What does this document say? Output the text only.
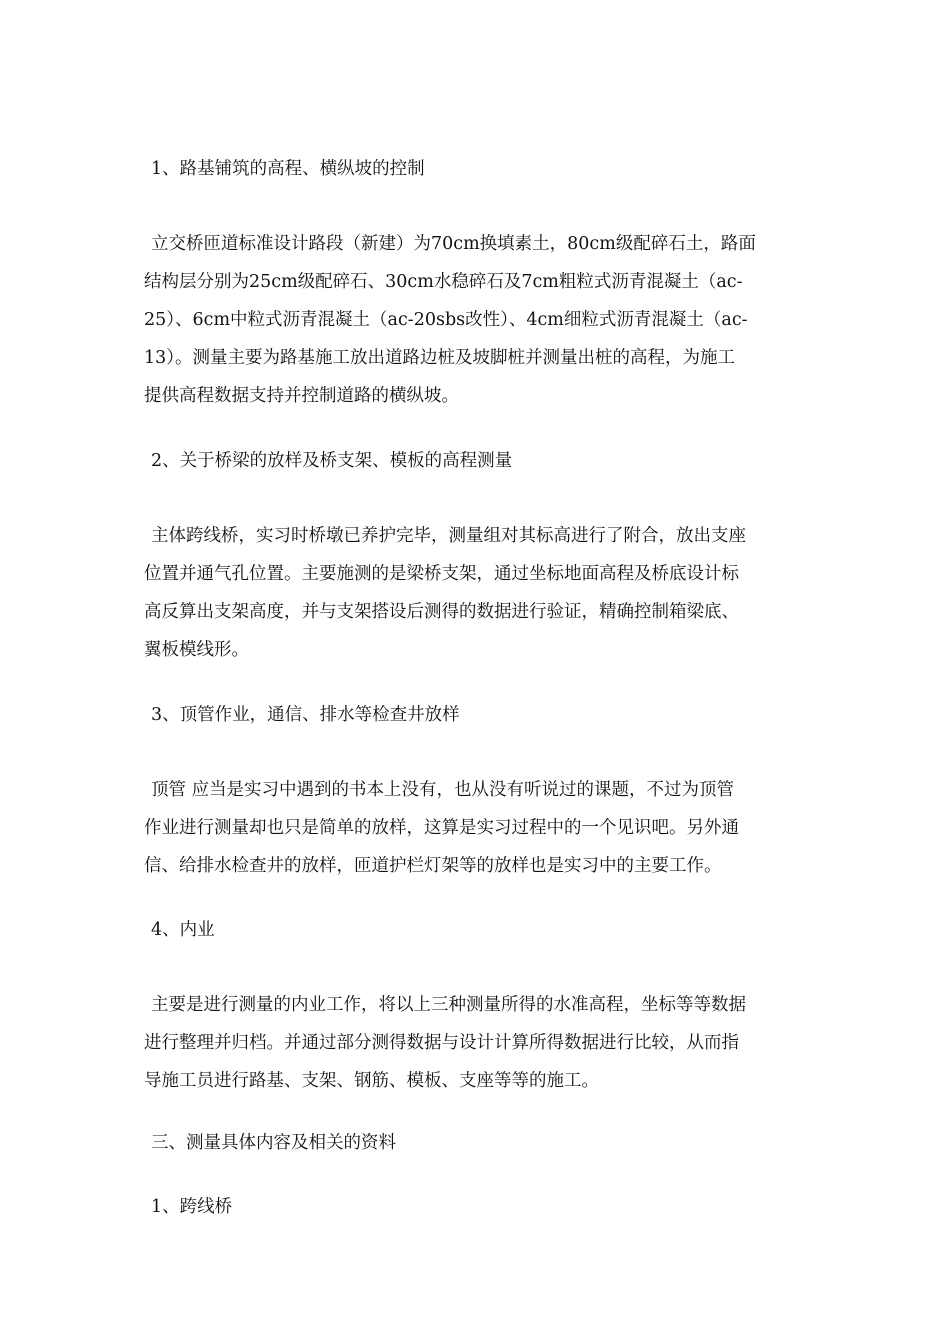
1、路基铺筑的高程、横纵坡的控制
立交桥匝道标准设计路段（新建）为70cm换填素土，80cm级配碎石土，路面
结构层分别为25cm级配碎石、30cm水稳碎石及7cm粗粒式沥青混凝土（ac-
25）、6cm中粒式沥青混凝土（ac-20sbs改性）、4cm细粒式沥青混凝土（ac-
13）。测量主要为路基施工放出道路边桩及坡脚桩并测量出桩的高程，为施工
提供高程数据支持并控制道路的横纵坡。
2、关于桥梁的放样及桥支架、模板的高程测量
主体跨线桥，实习时桥墩已养护完毕，测量组对其标高进行了附合，放出支座
位置并通气孔位置。主要施测的是梁桥支架，通过坐标地面高程及桥底设计标
高反算出支架高度，并与支架搭设后测得的数据进行验证，精确控制箱梁底、
翼板模线形。
3、顶管作业，通信、排水等检查井放样
顶管 应当是实习中遇到的书本上没有，也从没有听说过的课题，不过为顶管
作业进行测量却也只是简单的放样，这算是实习过程中的一个见识吧。另外通
信、给排水检查井的放样，匝道护栏灯架等的放样也是实习中的主要工作。
4、内业
主要是进行测量的内业工作，将以上三种测量所得的水准高程，坐标等等数据
进行整理并归档。并通过部分测得数据与设计计算所得数据进行比较，从而指
导施工员进行路基、支架、钢筋、模板、支座等等的施工。
三、测量具体内容及相关的资料
1、跨线桥
